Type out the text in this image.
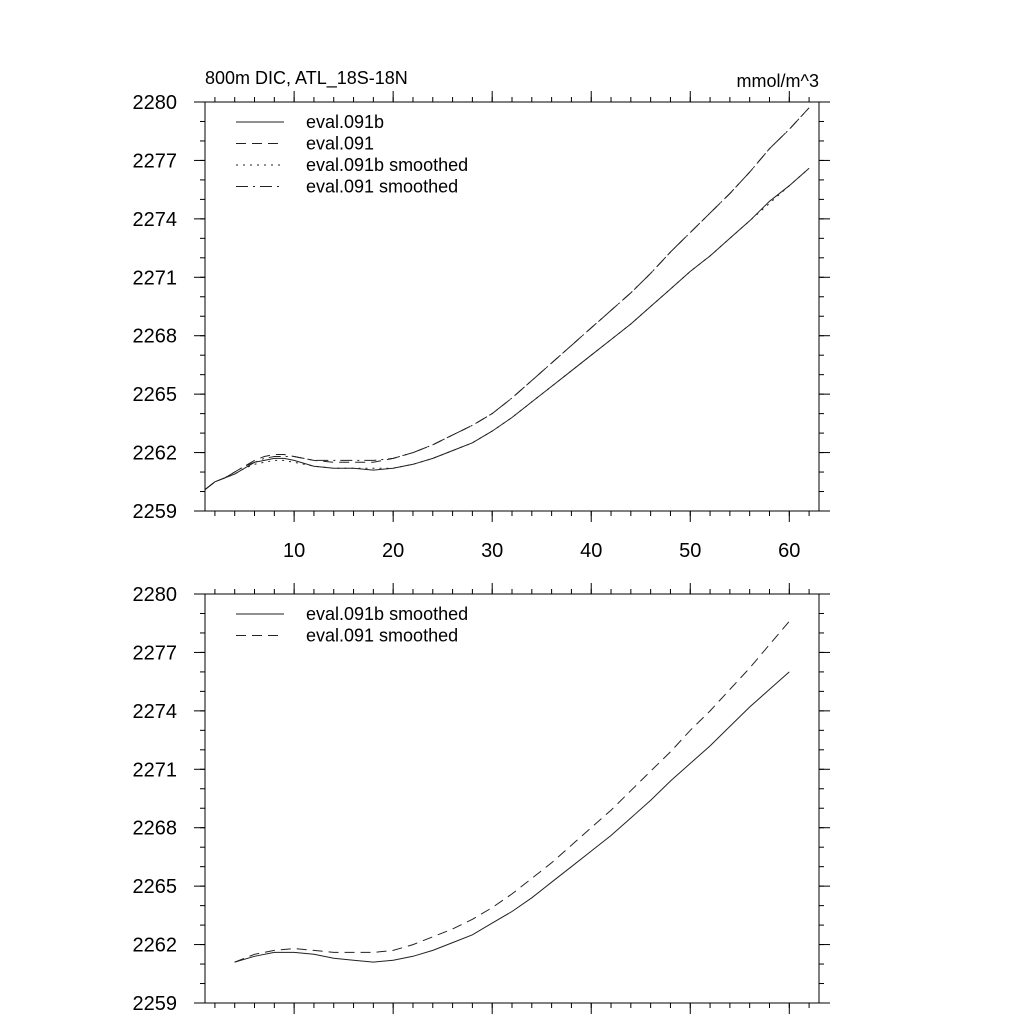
800m DIC, ATL_18S-18N	mmol/m^3
2259
2262
2265
2268
2271
2274
2277
2280
10	20	30	40	50	60
eval.091b
eval.091
eval.091b smoothed
eval.091 smoothed
2259
2262
2265
2268
2271
2274
2277
2280
eval.091b smoothed
eval.091 smoothed
